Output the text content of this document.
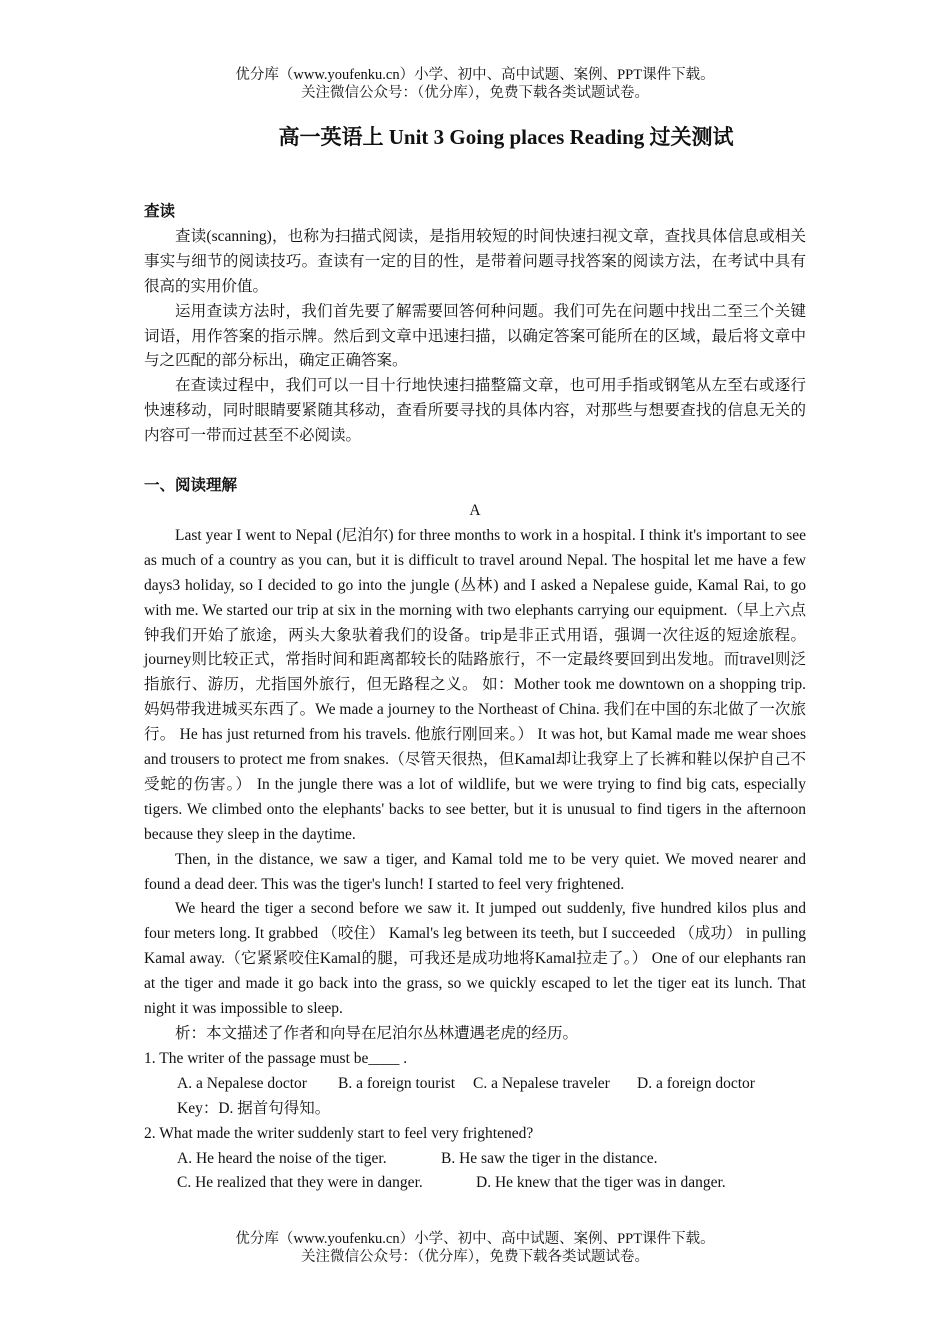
优分库（www.youfenku.cn）小学、初中、高中试题、案例、PPT课件下载。
关注微信公众号：（优分库），免费下载各类试题试卷。
高一英语上 Unit 3 Going places Reading 过关测试

查读

查读(scanning)，也称为扫描式阅读，是指用较短的时间快速扫视文章，查找具体信息或相关事实与细节的阅读技巧。查读有一定的目的性，是带着问题寻找答案的阅读方法，在考试中具有很高的实用价值。

运用查读方法时，我们首先要了解需要回答何种问题。我们可先在问题中找出二至三个关键词语，用作答案的指示牌。然后到文章中迅速扫描，以确定答案可能所在的区域，最后将文章中与之匹配的部分标出，确定正确答案。

在查读过程中，我们可以一目十行地快速扫描整篇文章，也可用手指或钢笔从左至右或逐行快速移动，同时眼睛要紧随其移动，查看所要寻找的具体内容，对那些与想要查找的信息无关的内容可一带而过甚至不必阅读。

一、阅读理解

A

Last year I went to Nepal (尼泊尔) for three months to work in a hospital. I think it's important to see as much of a country as you can, but it is difficult to travel around Nepal. The hospital let me have a few days3 holiday, so I decided to go into the jungle (丛林) and I asked a Nepalese guide, Kamal Rai, to go with me. We started our trip at six in the morning with two elephants carrying our equipment.（早上六点钟我们开始了旅途，两头大象驮着我们的设备。trip是非正式用语，强调一次往返的短途旅程。journey则比较正式，常指时间和距离都较长的陆路旅行，不一定最终要回到出发地。而travel则泛指旅行、游历，尤指国外旅行，但无路程之义。 如：Mother took me downtown on a shopping trip. 妈妈带我进城买东西了。We made a journey to the Northeast of China. 我们在中国的东北做了一次旅行。 He has just returned from his travels. 他旅行刚回来。） It was hot, but Kamal made me wear shoes and trousers to protect me from snakes.（尽管天很热，但Kamal却让我穿上了长裤和鞋以保护自己不受蛇的伤害。） In the jungle there was a lot of wildlife, but we were trying to find big cats, especially tigers. We climbed onto the elephants' backs to see better, but it is unusual to find tigers in the afternoon because they sleep in the daytime.

Then, in the distance, we saw a tiger, and Kamal told me to be very quiet. We moved nearer and found a dead deer. This was the tiger's lunch! I started to feel very frightened.

We heard the tiger a second before we saw it. It jumped out suddenly, five hundred kilos plus and four meters long. It grabbed （咬住） Kamal's leg between its teeth, but I succeeded （成功） in pulling Kamal away.（它紧紧咬住Kamal的腿，可我还是成功地将Kamal拉走了。） One of our elephants ran at the tiger and made it go back into the grass, so we quickly escaped to let the tiger eat its lunch. That night it was impossible to sleep.

析：本文描述了作者和向导在尼泊尔丛林遭遇老虎的经历。

1. The writer of the passage must be____ .

A. a Nepalese doctor B. a foreign tourist C. a Nepalese traveler D. a foreign doctor

Key：D. 据首句得知。

2. What made the writer suddenly start to feel very frightened?

A. He heard the noise of the tiger.	B. He saw the tiger in the distance.

C. He realized that they were in danger.	D. He knew that the tiger was in danger.

优分库（www.youfenku.cn）小学、初中、高中试题、案例、PPT课件下载。
关注微信公众号：（优分库），免费下载各类试题试卷。
